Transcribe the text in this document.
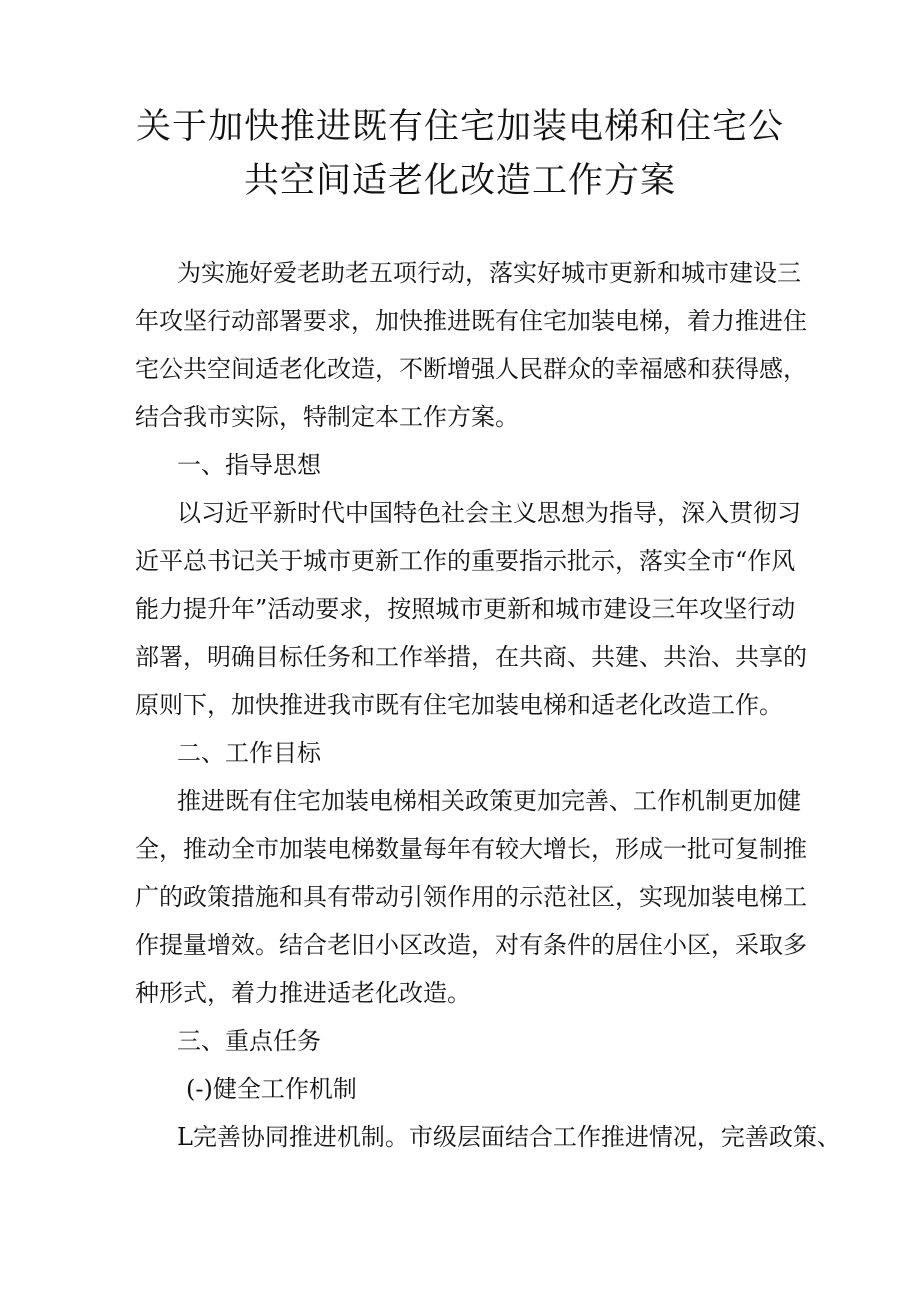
关于加快推进既有住宅加装电梯和住宅公
共空间适老化改造工作方案
为实施好爱老助老五项行动，落实好城市更新和城市建设三
年攻坚行动部署要求，加快推进既有住宅加装电梯，着力推进住
宅公共空间适老化改造，不断增强人民群众的幸福感和获得感，
结合我市实际，特制定本工作方案。
一、指导思想
以习近平新时代中国特色社会主义思想为指导，深入贯彻习
近平总书记关于城市更新工作的重要指示批示，落实全市“作风
能力提升年”活动要求，按照城市更新和城市建设三年攻坚行动
部署，明确目标任务和工作举措，在共商、共建、共治、共享的
原则下，加快推进我市既有住宅加装电梯和适老化改造工作。
二、工作目标
推进既有住宅加装电梯相关政策更加完善、工作机制更加健
全，推动全市加装电梯数量每年有较大增长，形成一批可复制推
广的政策措施和具有带动引领作用的示范社区，实现加装电梯工
作提量增效。结合老旧小区改造，对有条件的居住小区，采取多
种形式，着力推进适老化改造。
三、重点任务
(-)健全工作机制
L完善协同推进机制。市级层面结合工作推进情况，完善政策、
